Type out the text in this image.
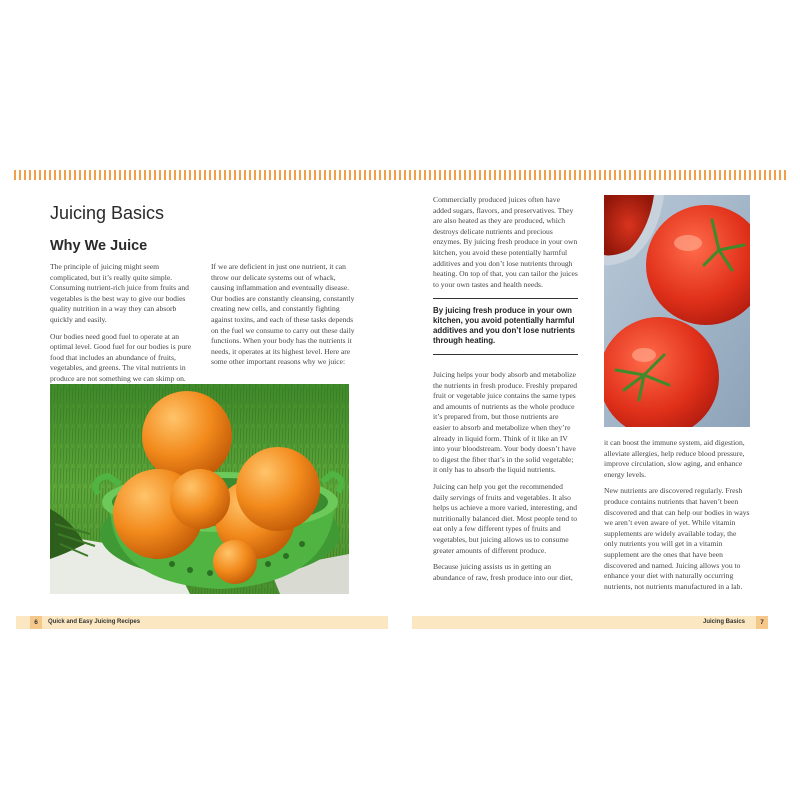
Juicing Basics
Why We Juice

The principle of juicing might seem complicated, but it’s really quite simple. Consuming nutrient-rich juice from fruits and vegetables is the best way to give our bodies quality nutrition in a way they can absorb quickly and easily.

Our bodies need good fuel to operate at an optimal level. Good fuel for our bodies is pure food that includes an abundance of fruits, vegetables, and greens. The vital nutrients in produce are not something we can skimp on.

If we are deficient in just one nutrient, it can throw our delicate systems out of whack, causing inflammation and eventually disease. Our bodies are constantly cleansing, constantly creating new cells, and constantly fighting against toxins, and each of these tasks depends on the fuel we consume to carry out these daily functions. When your body has the nutrients it needs, it operates at its highest level. Here are some other important reasons why we juice:

6	Quick and Easy Juicing Recipes

Commercially produced juices often have added sugars, flavors, and preservatives. They are also heated as they are produced, which destroys delicate nutrients and precious enzymes. By juicing fresh produce in your own kitchen, you avoid these potentially harmful additives and you don’t lose nutrients through heating. On top of that, you can tailor the juices to your own tastes and health needs.

By juicing fresh produce in your own kitchen, you avoid potentially harmful additives and you don’t lose nutrients through heating.

Juicing helps your body absorb and metabolize the nutrients in fresh produce. Freshly prepared fruit or vegetable juice contains the same types and amounts of nutrients as the whole produce it’s prepared from, but those nutrients are easier to absorb and metabolize when they’re already in liquid form. Think of it like an IV into your bloodstream. Your body doesn’t have to digest the fiber that’s in the solid vegetable; it only has to absorb the liquid nutrients.

Juicing can help you get the recommended daily servings of fruits and vegetables. It also helps us achieve a more varied, interesting, and nutritionally balanced diet. Most people tend to eat only a few different types of fruits and vegetables, but juicing allows us to consume greater amounts of different produce.

Because juicing assists us in getting an abundance of raw, fresh produce into our diet,

it can boost the immune system, aid digestion, alleviate allergies, help reduce blood pressure, improve circulation, slow aging, and enhance energy levels.

New nutrients are discovered regularly. Fresh produce contains nutrients that haven’t been discovered and that can help our bodies in ways we aren’t even aware of yet. While vitamin supplements are widely available today, the only nutrients you will get in a vitamin supplement are the ones that have been discovered and named. Juicing allows you to enhance your diet with naturally occurring nutrients, not nutrients manufactured in a lab.

Juicing Basics	7
